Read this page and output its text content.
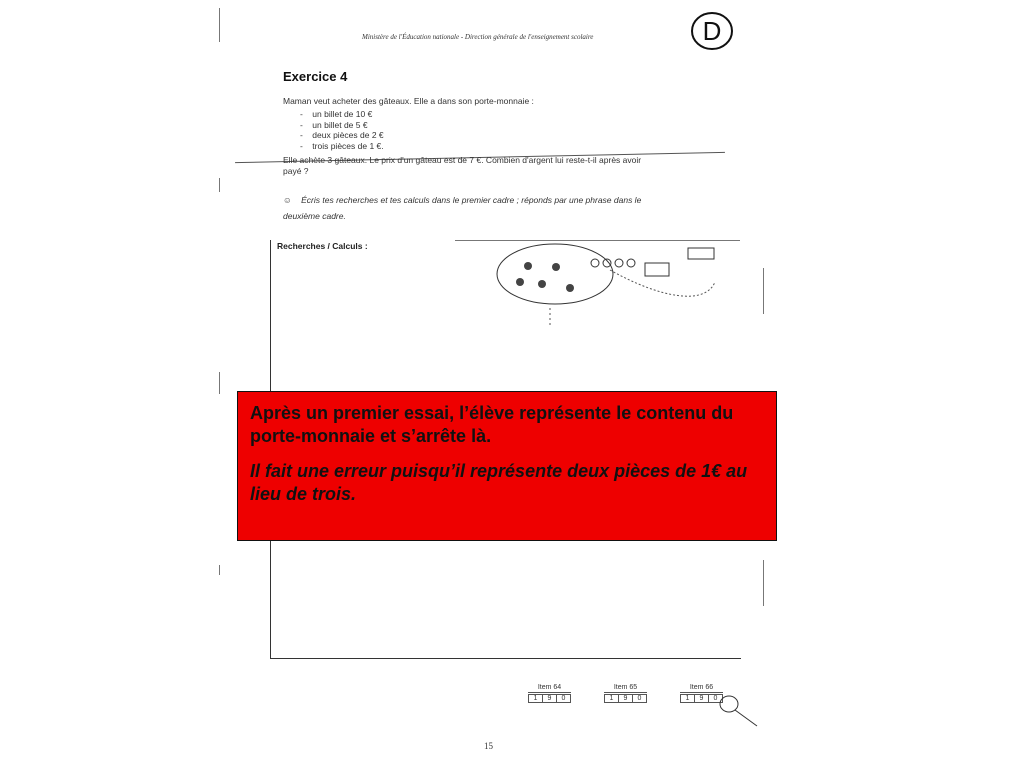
Ministère de l'Éducation nationale - Direction générale de l'enseignement scolaire	D
Exercice 4
Maman veut acheter des gâteaux. Elle a dans son porte-monnaie :
-    un billet de 10 €
-    un billet de 5 €
-    deux pièces de 2 €
-    trois pièces de 1 €.
Elle achète 3 gâteaux. Le prix d'un gâteau est de 7 €. Combien d'argent lui reste-t-il après avoir
payé ?
☺    Écris tes recherches et tes calculs dans le premier cadre ; réponds par une phrase dans le
deuxième cadre.
Recherches / Calculs :

Après un premier essai, l’élève représente le contenu du porte-monnaie et s’arrête là.

Il fait une erreur puisqu’il représente deux pièces de 1€ au lieu de trois.

Item 64
1	9	0
Item 65
1	9	0
Item 66
1	9	0
15
